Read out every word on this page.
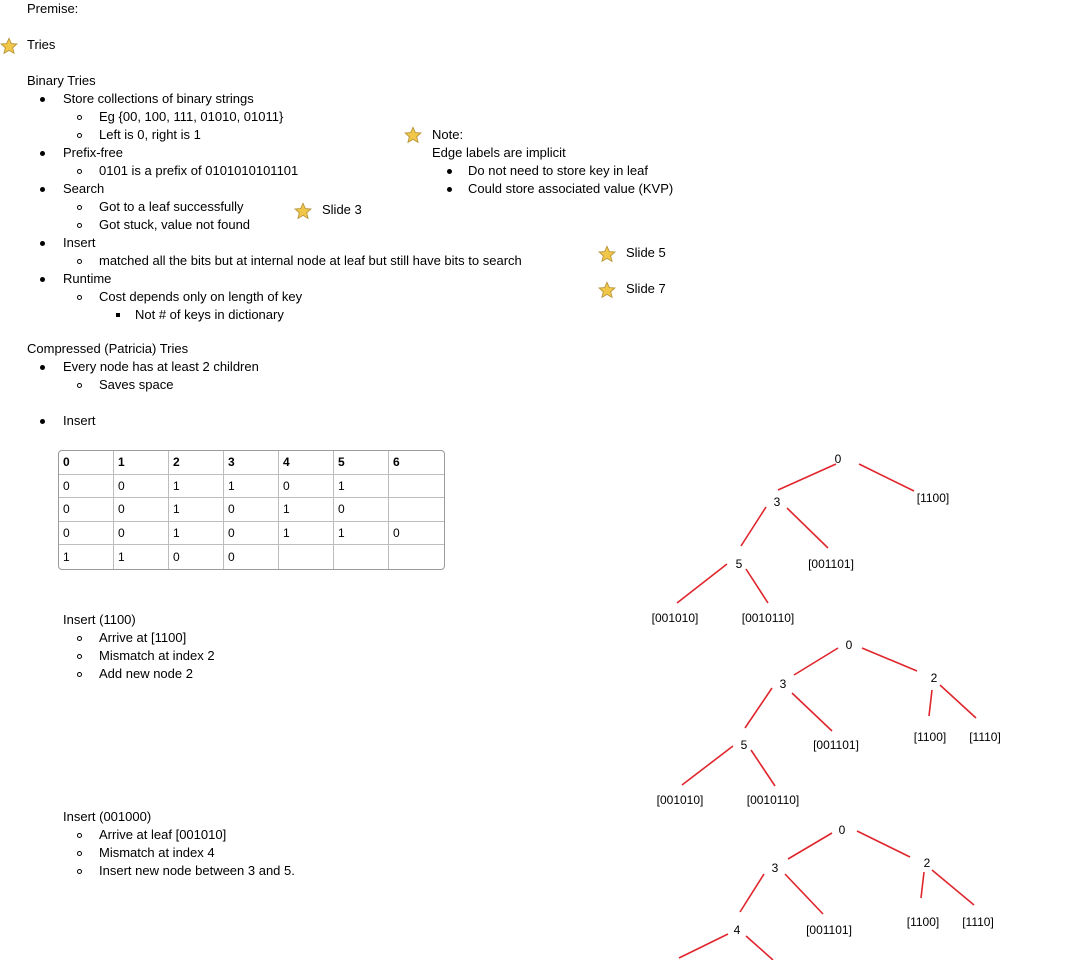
Premise:
Tries
Binary Tries
Store collections of binary strings
Eg {00, 100, 111, 01010, 01011}
Left is 0, right is 1
Prefix-free
0101 is a prefix of 0101010101101
Search
Got to a leaf successfully
Got stuck, value not found
Insert
matched all the bits but at internal node at leaf but still have bits to search
Runtime
Cost depends only on length of key
Not # of keys in dictionary
Note:
Edge labels are implicit
Do not need to store key in leaf
Could store associated value (KVP)
Slide 3
Slide 5
Slide 7
Compressed (Patricia) Tries
Every node has at least 2 children
Saves space
Insert
0	1	2	3	4	5	6
0	0	1	1	0	1	
0	0	1	0	1	0	
0	0	1	0	1	1	0
1	1	0	0			
Insert (1100)
Arrive at [1100]
Mismatch at index 2
Add new node 2
Insert (001000)
Arrive at leaf [001010]
Mismatch at index 4
Insert new node between 3 and 5.
0
[1100]
3
5	[001101]
[001010]	[0010110]
0
3	2
5	[001101]
[1100] [1110]
[001010]	[0010110]
0
3	2
4	[001101]
[1100] [1110]
